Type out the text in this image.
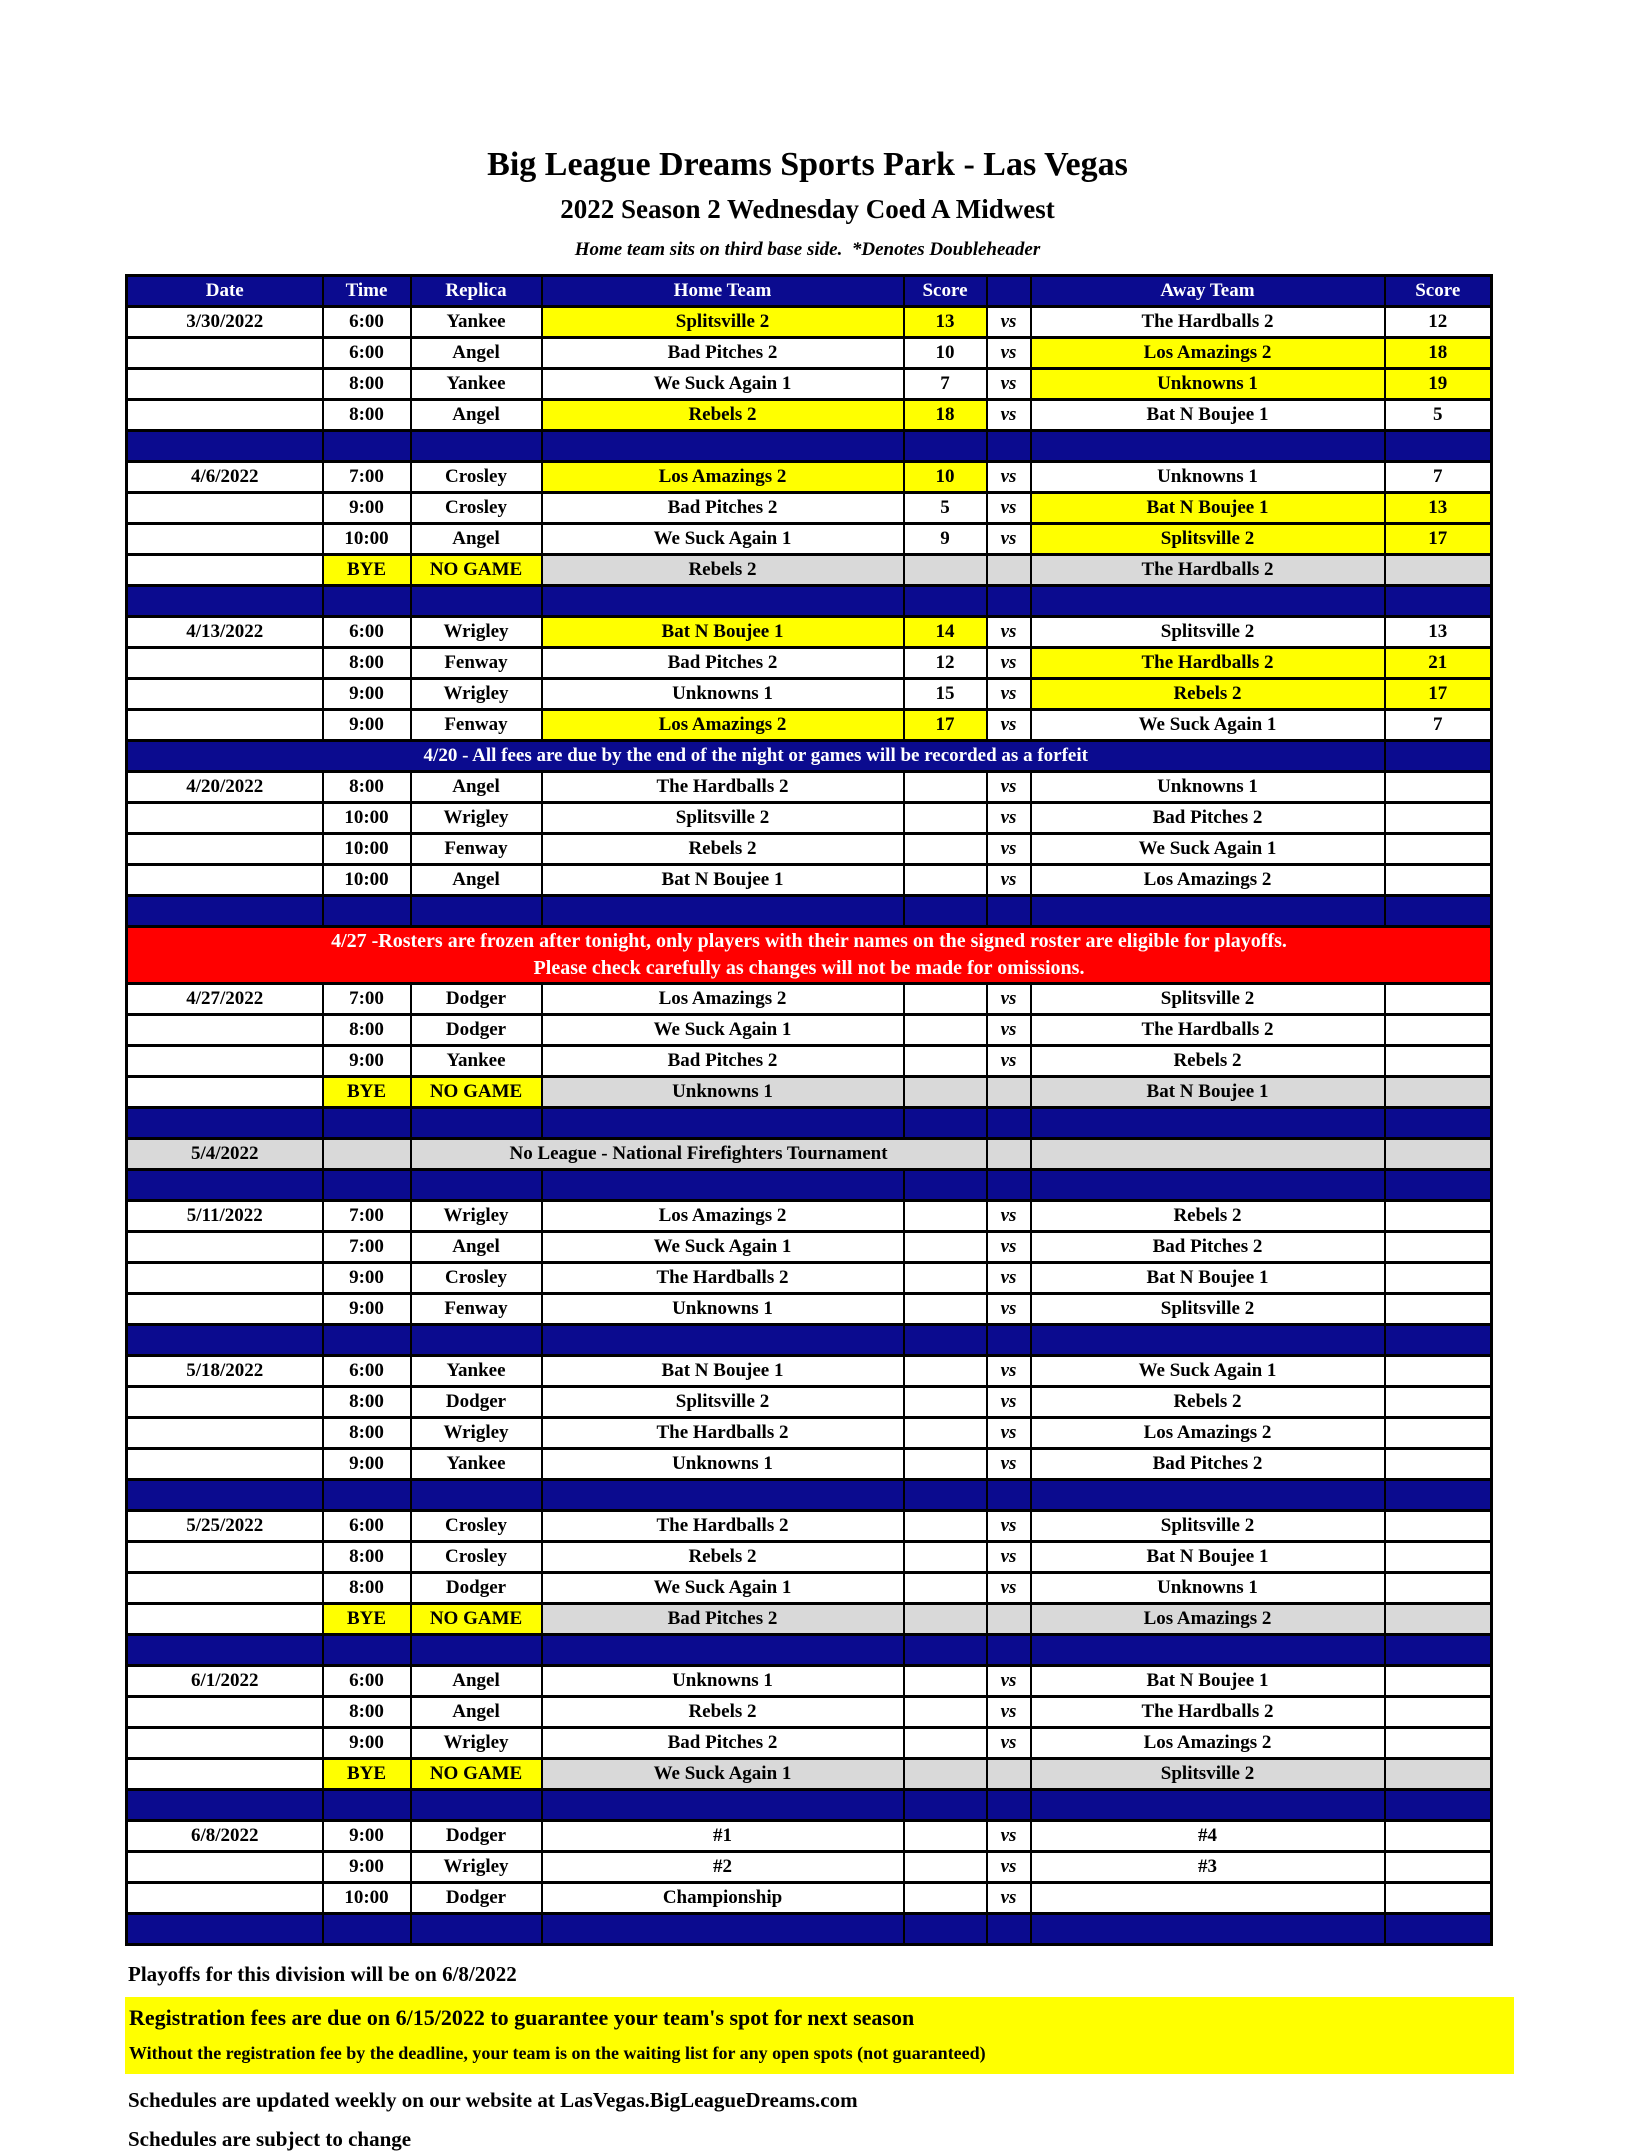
Big League Dreams Sports Park - Las Vegas
2022 Season 2 Wednesday Coed A Midwest
Home team sits on third base side.  *Denotes Doubleheader
Date	Time	Replica	Home Team	Score		Away Team	Score
3/30/2022	6:00	Yankee	Splitsville 2	13	vs	The Hardballs 2	12
	6:00	Angel	Bad Pitches 2	10	vs	Los Amazings 2	18
	8:00	Yankee	We Suck Again 1	7	vs	Unknowns 1	19
	8:00	Angel	Rebels 2	18	vs	Bat N Boujee 1	5

4/6/2022	7:00	Crosley	Los Amazings 2	10	vs	Unknowns 1	7
	9:00	Crosley	Bad Pitches 2	5	vs	Bat N Boujee 1	13
	10:00	Angel	We Suck Again 1	9	vs	Splitsville 2	17
	BYE	NO GAME	Rebels 2			The Hardballs 2	

4/13/2022	6:00	Wrigley	Bat N Boujee 1	14	vs	Splitsville 2	13
	8:00	Fenway	Bad Pitches 2	12	vs	The Hardballs 2	21
	9:00	Wrigley	Unknowns 1	15	vs	Rebels 2	17
	9:00	Fenway	Los Amazings 2	17	vs	We Suck Again 1	7
4/20 - All fees are due by the end of the night or games will be recorded as a forfeit							
4/20/2022	8:00	Angel	The Hardballs 2		vs	Unknowns 1	
	10:00	Wrigley	Splitsville 2		vs	Bad Pitches 2	
	10:00	Fenway	Rebels 2		vs	We Suck Again 1	
	10:00	Angel	Bat N Boujee 1		vs	Los Amazings 2	

4/27 -Rosters are frozen after tonight, only players with their names on the signed roster are eligible for playoffs.
Please check carefully as changes will not be made for omissions.							

4/27/2022	7:00	Dodger	Los Amazings 2		vs	Splitsville 2	
	8:00	Dodger	We Suck Again 1		vs	The Hardballs 2	
	9:00	Yankee	Bad Pitches 2		vs	Rebels 2	
	BYE	NO GAME	Unknowns 1			Bat N Boujee 1	

5/4/2022		No League - National Firefighters Tournament					

5/11/2022	7:00	Wrigley	Los Amazings 2		vs	Rebels 2	
	7:00	Angel	We Suck Again 1		vs	Bad Pitches 2	
	9:00	Crosley	The Hardballs 2		vs	Bat N Boujee 1	
	9:00	Fenway	Unknowns 1		vs	Splitsville 2	

5/18/2022	6:00	Yankee	Bat N Boujee 1		vs	We Suck Again 1	
	8:00	Dodger	Splitsville 2		vs	Rebels 2	
	8:00	Wrigley	The Hardballs 2		vs	Los Amazings 2	
	9:00	Yankee	Unknowns 1		vs	Bad Pitches 2	

5/25/2022	6:00	Crosley	The Hardballs 2		vs	Splitsville 2	
	8:00	Crosley	Rebels 2		vs	Bat N Boujee 1	
	8:00	Dodger	We Suck Again 1		vs	Unknowns 1	
	BYE	NO GAME	Bad Pitches 2			Los Amazings 2	

6/1/2022	6:00	Angel	Unknowns 1		vs	Bat N Boujee 1	
	8:00	Angel	Rebels 2		vs	The Hardballs 2	
	9:00	Wrigley	Bad Pitches 2		vs	Los Amazings 2	
	BYE	NO GAME	We Suck Again 1			Splitsville 2	

6/8/2022	9:00	Dodger	#1		vs	#4	
	9:00	Wrigley	#2		vs	#3	
	10:00	Dodger	Championship		vs		

Playoffs for this division will be on 6/8/2022
Registration fees are due on 6/15/2022 to guarantee your team's spot for next season
Without the registration fee by the deadline, your team is on the waiting list for any open spots (not guaranteed)
Schedules are updated weekly on our website at LasVegas.BigLeagueDreams.com
Schedules are subject to change
